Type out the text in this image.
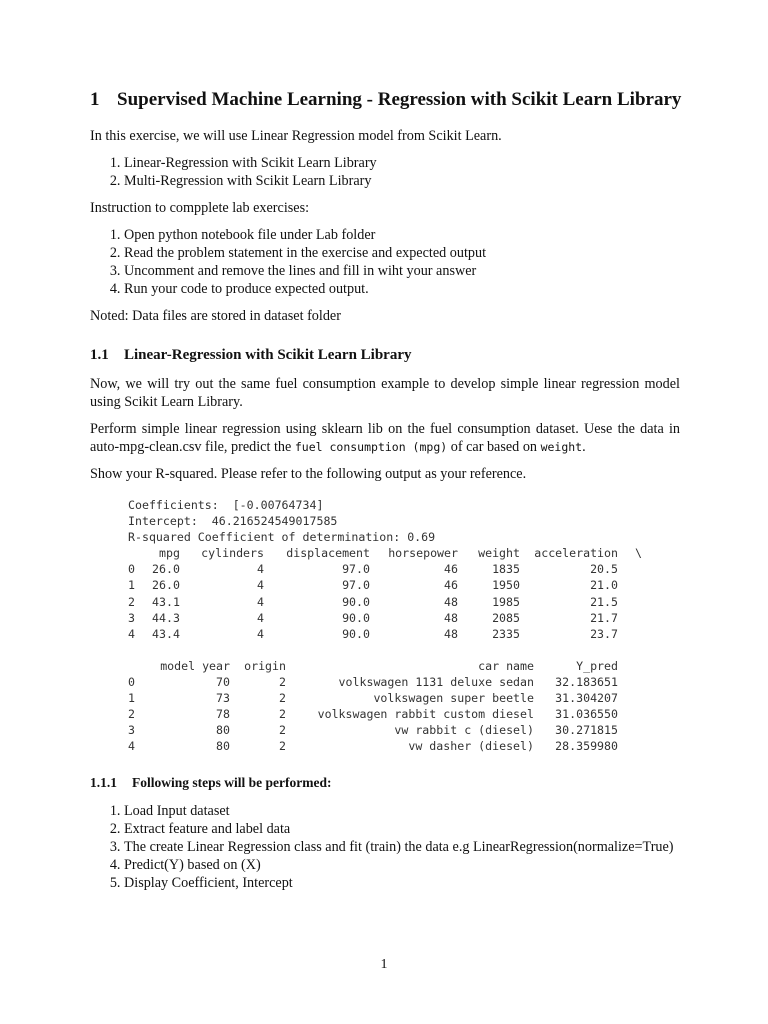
1 Supervised Machine Learning - Regression with Scikit Learn Library

In this exercise, we will use Linear Regression model from Scikit Learn.

1. Linear-Regression with Scikit Learn Library
2. Multi-Regression with Scikit Learn Library

Instruction to compplete lab exercises:

1. Open python notebook file under Lab folder
2. Read the problem statement in the exercise and expected output
3. Uncomment and remove the lines and fill in wiht your answer
4. Run your code to produce expected output.

Noted: Data files are stored in dataset folder

1.1 Linear-Regression with Scikit Learn Library

Now, we will try out the same fuel consumption example to develop simple linear regression model using Scikit Learn Library.

Perform simple linear regression using sklearn lib on the fuel consumption dataset. Uese the data in auto-mpg-clean.csv file, predict the fuel consumption (mpg) of car based on weight.

Show your R-squared. Please refer to the following output as your reference.

Coefficients:  [-0.00764734]
Intercept:  46.216524549017585
R-squared Coefficient of determination: 0.69
	mpg	cylinders	displacement	horsepower	weight	acceleration	\
0	26.0	4	97.0	46	1835	20.5	
1	26.0	4	97.0	46	1950	21.0	
2	43.1	4	90.0	48	1985	21.5	
3	44.3	4	90.0	48	2085	21.7	
4	43.4	4	90.0	48	2335	23.7	
	model year	origin	car name	Y_pred
0	70	2	volkswagen 1131 deluxe sedan	32.183651
1	73	2	volkswagen super beetle	31.304207
2	78	2	volkswagen rabbit custom diesel	31.036550
3	80	2	vw rabbit c (diesel)	30.271815
4	80	2	vw dasher (diesel)	28.359980
1.1.1 Following steps will be performed:
1. Load Input dataset
2. Extract feature and label data
3. The create Linear Regression class and fit (train) the data e.g LinearRegression(normalize=True)
4. Predict(Y) based on (X)
5. Display Coefficient, Intercept
1
